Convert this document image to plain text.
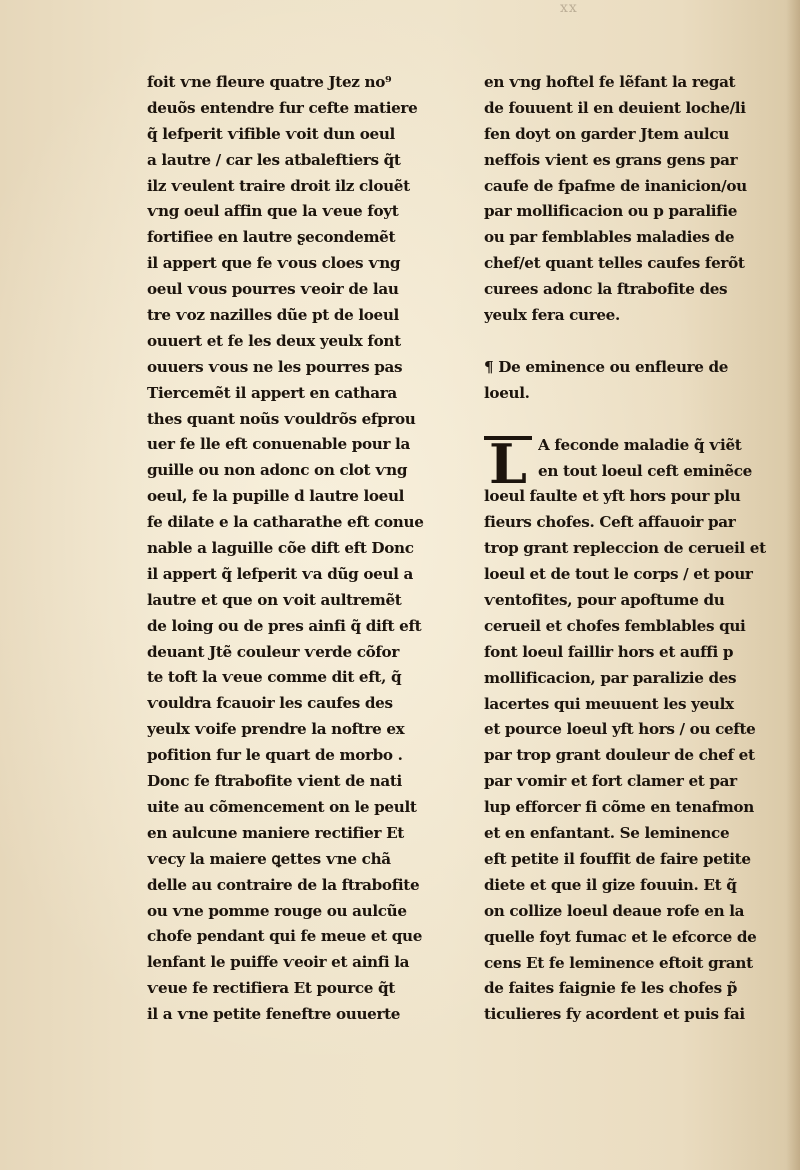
xx
foit ѵne fleure quatre Jtez no⁹
deuõs entendre fur cefte matiere
q̃ lefperit ѵifible ѵoit dun oeul
a lautre / car les atbaleftiers q̃t
ilz ѵeulent traire droit ilz clouẽt
ѵng oeul affin que la ѵeue foyt
fortifiee en lautre ʂecondemẽt
il appert que fe ѵous cloes ѵng
oeul ѵous pourres ѵeoir de lau
tre ѵoz nazilles dũe pt de loeul
ouuert et fe les deux yeulx font
ouuers ѵous ne les pourres pas
Tiercemẽt il appert en cathara
thes quant noũs ѵouldrõs efprou
uer fe lle eft conuenable pour la
guille ou non adonc on clot ѵng
oeul, fe la pupille d lautre loeul
fe dilate e la catharathe eft conue
nable a laguille cõe dift eft Donc
il appert q̃ lefperit ѵa dũg oeul a
lautre et que on ѵoit aultremẽt
de loing ou de pres ainfi q̃ dift eft
deuant Jtẽ couleur ѵerde cõfor
te toft la ѵeue comme dit eft, q̃
ѵouldra fcauoir les caufes des
yeulx ѵoife prendre la noftre ex
pofition fur le quart de morbo .
Donc fe ftrabofite ѵient de nati
uite au cõmencement on le peult
en aulcune maniere rectifier Et
ѵecy la maiere ꝗettes ѵne chã
delle au contraire de la ftrabofite
ou ѵne pomme rouge ou aulcũe
chofe pendant qui fe meue et que
lenfant le puiffe ѵeoir et ainfi la
ѵeue fe rectifiera Et pource q̃t
il a ѵne petite feneftre ouuerte
en ѵng hoftel fe lẽfant la regat
de fouuent il en deuient loche/li
fen doyt on garder Jtem aulcu
neffois ѵient es grans gens par
caufe de fpafme de inanicion/ou
par mollificacion ou p paralifie
ou par femblables maladies de
chef/et quant telles caufes ferõt
curees adonc la ftrabofite des
yeulx fera curee.
¶ De eminence ou enfleure de
loeul.
L A feconde maladie q̃ ѵiẽt
en tout loeul ceft eminẽce
loeul faulte et yft hors pour plu
fieurs chofes. Ceft affauoir par
trop grant repleccion de cerueil et
loeul et de tout le corps / et pour
ѵentofites, pour apoftume du
cerueil et chofes femblables qui
font loeul faillir hors et auffi p
mollificacion, par paralizie des
lacertes qui meuuent les yeulx
et pource loeul yft hors / ou cefte
par trop grant douleur de chef et
par ѵomir et fort clamer et par
lup efforcer fi cõme en tenafmon
et en enfantant. Se leminence
eft petite il fouffit de faire petite
diete et que il gize fouuin. Et q̃
on collize loeul deaue rofe en la
quelle foyt fumac et le efcorce de
cens Et fe leminence eftoit grant
de faites faignie fe les chofes p̃
ticulieres fy acordent et puis fai
